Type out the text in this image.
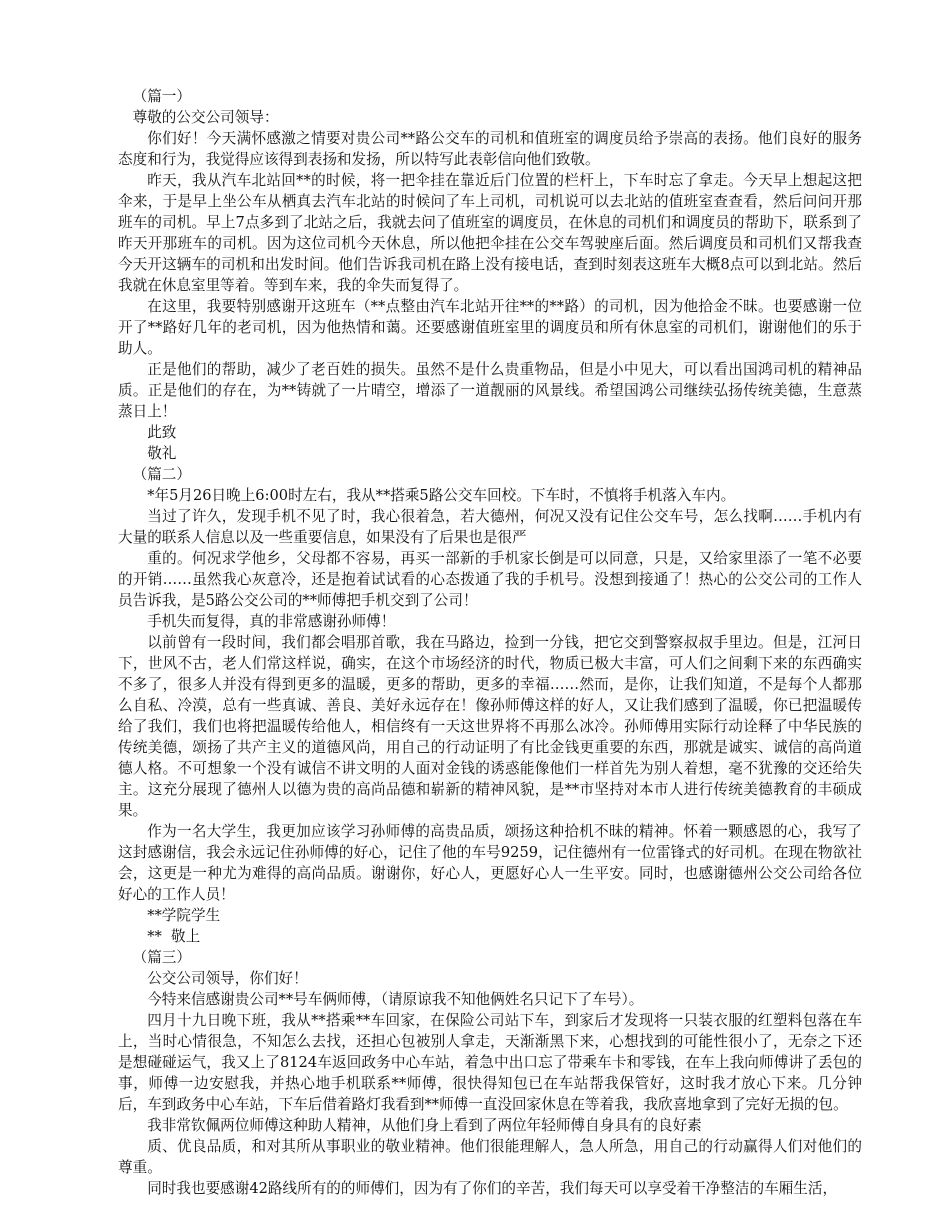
（篇一）

尊敬的公交公司领导：

你们好！今天满怀感激之情要对贵公司**路公交车的司机和值班室的调度员给予崇高的表扬。他们良好的服务态度和行为，我觉得应该得到表扬和发扬，所以特写此表彰信向他们致敬。

昨天，我从汽车北站回**的时候，将一把伞挂在靠近后门位置的栏杆上，下车时忘了拿走。今天早上想起这把伞来，于是早上坐公车从栖真去汽车北站的时候问了车上司机，司机说可以去北站的值班室查查看，然后问问开那班车的司机。早上7点多到了北站之后，我就去问了值班室的调度员，在休息的司机们和调度员的帮助下，联系到了昨天开那班车的司机。因为这位司机今天休息，所以他把伞挂在公交车驾驶座后面。然后调度员和司机们又帮我查今天开这辆车的司机和出发时间。他们告诉我司机在路上没有接电话，查到时刻表这班车大概8点可以到北站。然后我就在休息室里等着。等到车来，我的伞失而复得了。

在这里，我要特别感谢开这班车（**点整由汽车北站开往**的**路）的司机，因为他拾金不昧。也要感谢一位开了**路好几年的老司机，因为他热情和蔼。还要感谢值班室里的调度员和所有休息室的司机们，谢谢他们的乐于助人。

正是他们的帮助，减少了老百姓的损失。虽然不是什么贵重物品，但是小中见大，可以看出国鸿司机的精神品质。正是他们的存在，为**铸就了一片晴空，增添了一道靓丽的风景线。希望国鸿公司继续弘扬传统美德，生意蒸蒸日上！

此致

敬礼

（篇二）

*年5月26日晚上6:00时左右，我从**搭乘5路公交车回校。下车时，不慎将手机落入车内。

当过了许久，发现手机不见了时，我心很着急，若大德州，何况又没有记住公交车号，怎么找啊……手机内有大量的联系人信息以及一些重要信息，如果没有了后果也是很严

重的。何况求学他乡，父母都不容易，再买一部新的手机家长倒是可以同意，只是，又给家里添了一笔不必要的开销……虽然我心灰意冷，还是抱着试试看的心态拨通了我的手机号。没想到接通了！热心的公交公司的工作人员告诉我，是5路公交公司的**师傅把手机交到了公司！

手机失而复得，真的非常感谢孙师傅！

以前曾有一段时间，我们都会唱那首歌，我在马路边，捡到一分钱，把它交到警察叔叔手里边。但是，江河日下，世风不古，老人们常这样说，确实，在这个市场经济的时代，物质已极大丰富，可人们之间剩下来的东西确实不多了，很多人并没有得到更多的温暖，更多的帮助，更多的幸福……然而，是你，让我们知道，不是每个人都那么自私、冷漠，总有一些真诚、善良、美好永远存在！像孙师傅这样的好人，又让我们感到了温暖，你已把温暖传给了我们，我们也将把温暖传给他人，相信终有一天这世界将不再那么冰冷。孙师傅用实际行动诠释了中华民族的传统美德，颂扬了共产主义的道德风尚，用自己的行动证明了有比金钱更重要的东西，那就是诚实、诚信的高尚道德人格。不可想象一个没有诚信不讲文明的人面对金钱的诱惑能像他们一样首先为别人着想，毫不犹豫的交还给失主。这充分展现了德州人以德为贵的高尚品德和崭新的精神风貌，是**市坚持对本市人进行传统美德教育的丰硕成果。

作为一名大学生，我更加应该学习孙师傅的高贵品质，颂扬这种拾机不昧的精神。怀着一颗感恩的心，我写了这封感谢信，我会永远记住孙师傅的好心，记住了他的车号9259，记住德州有一位雷锋式的好司机。在现在物欲社会，这更是一种尤为难得的高尚品质。谢谢你，好心人，更愿好心人一生平安。同时，也感谢德州公交公司给各位好心的工作人员！

**学院学生

**  敬上

（篇三）

公交公司领导，你们好！

今特来信感谢贵公司**号车俩师傅，（请原谅我不知他俩姓名只记下了车号）。

四月十九日晚下班，我从**搭乘**车回家，在保险公司站下车，到家后才发现将一只装衣服的红塑料包落在车上，当时心情很急，不知怎么去找，还担心包被别人拿走，天渐渐黑下来，心想找到的可能性很小了，无奈之下还是想碰碰运气，我又上了8124车返回政务中心车站，着急中出口忘了带乘车卡和零钱，在车上我向师傅讲了丢包的事，师傅一边安慰我，并热心地手机联系**师傅，很快得知包已在车站帮我保管好，这时我才放心下来。几分钟后，车到政务中心车站，下车后借着路灯我看到**师傅一直没回家休息在等着我，我欣喜地拿到了完好无损的包。

我非常钦佩两位师傅这种助人精神，从他们身上看到了两位年轻师傅自身具有的良好素

质、优良品质，和对其所从事职业的敬业精神。他们很能理解人，急人所急，用自己的行动赢得人们对他们的尊重。

同时我也要感谢42路线所有的的师傅们，因为有了你们的辛苦，我们每天可以享受着干净整洁的车厢生活，
